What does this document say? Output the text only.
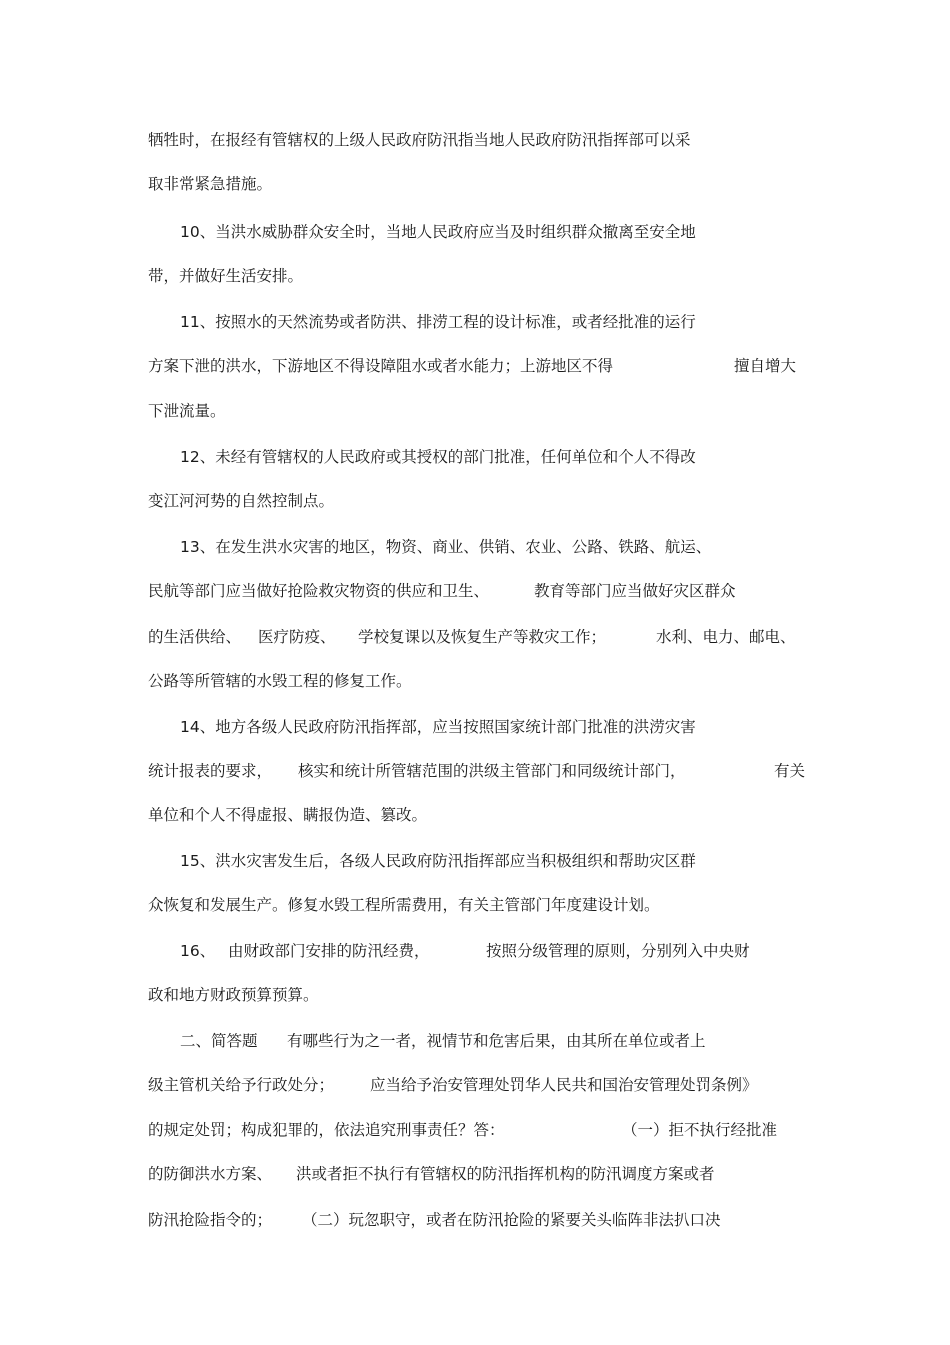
牺牲时，在报经有管辖权的上级人民政府防汛指当地人民政府防汛指挥部可以采
取非常紧急措施。
10、当洪水威胁群众安全时，当地人民政府应当及时组织群众撤离至安全地
带，并做好生活安排。
11、按照水的天然流势或者防洪、排涝工程的设计标准，或者经批准的运行
方案下泄的洪水，下游地区不得设障阻水或者水能力；上游地区不得	擅自增大
下泄流量。
12、未经有管辖权的人民政府或其授权的部门批准，任何单位和个人不得改
变江河河势的自然控制点。
13、在发生洪水灾害的地区，物资、商业、供销、农业、公路、铁路、航运、
民航等部门应当做好抢险救灾物资的供应和卫生、	教育等部门应当做好灾区群众
的生活供给、 医疗防疫、 学校复课以及恢复生产等救灾工作；	水利、电力、邮电、
公路等所管辖的水毁工程的修复工作。
14、地方各级人民政府防汛指挥部，应当按照国家统计部门批准的洪涝灾害
统计报表的要求， 核实和统计所管辖范围的洪级主管部门和同级统计部门，	有关
单位和个人不得虚报、瞒报伪造、篡改。
15、洪水灾害发生后，各级人民政府防汛指挥部应当积极组织和帮助灾区群
众恢复和发展生产。修复水毁工程所需费用，有关主管部门年度建设计划。
16、 由财政部门安排的防汛经费，	按照分级管理的原则，分别列入中央财
政和地方财政预算预算。
二、简答题 有哪些行为之一者，视情节和危害后果，由其所在单位或者上
级主管机关给予行政处分； 应当给予治安管理处罚华人民共和国治安管理处罚条例》
的规定处罚；构成犯罪的，依法追究刑事责任？答：	（一）拒不执行经批准
的防御洪水方案、 洪或者拒不执行有管辖权的防汛指挥机构的防汛调度方案或者
防汛抢险指令的； （二）玩忽职守，或者在防汛抢险的紧要关头临阵非法扒口决
